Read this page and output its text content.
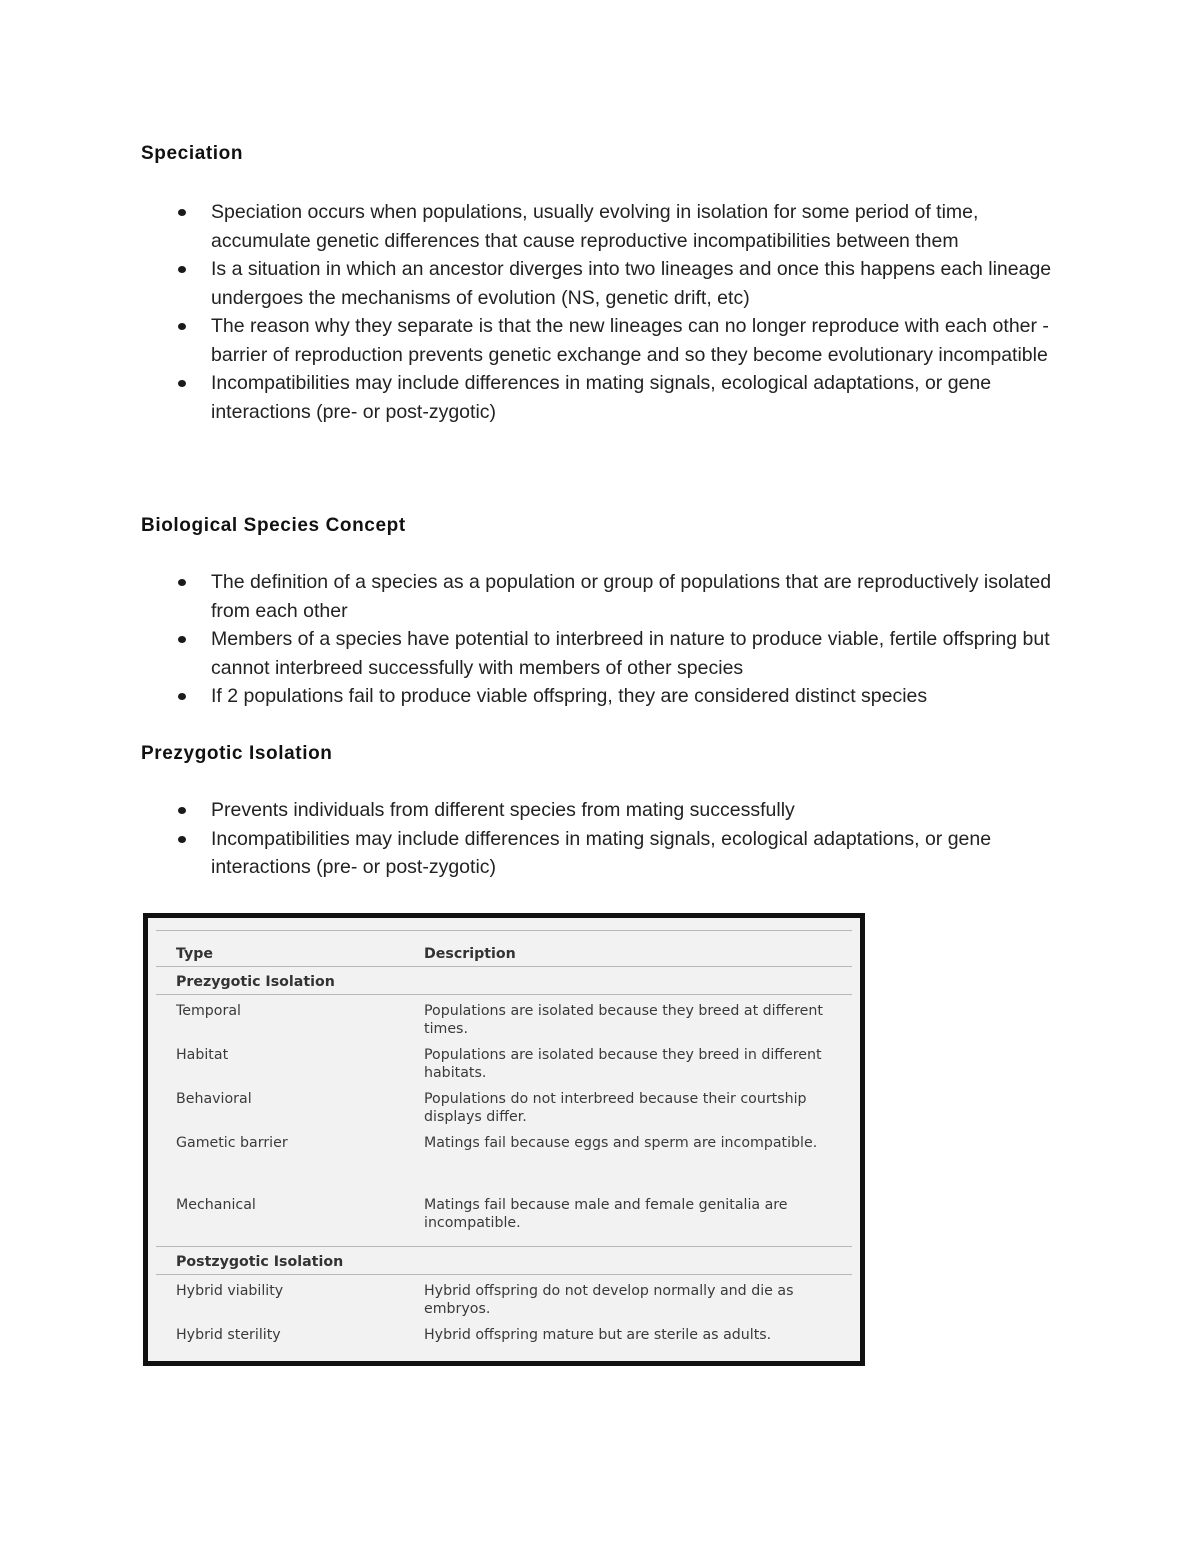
Speciation
Speciation occurs when populations, usually evolving in isolation for some period of time, accumulate genetic differences that cause reproductive incompatibilities between them
Is a situation in which an ancestor diverges into two lineages and once this happens each lineage undergoes the mechanisms of evolution (NS, genetic drift, etc)
The reason why they separate is that the new lineages can no longer reproduce with each other - barrier of reproduction prevents genetic exchange and so they become evolutionary incompatible
Incompatibilities may include differences in mating signals, ecological adaptations, or gene interactions (pre- or post-zygotic)
Biological Species Concept
The definition of a species as a population or group of populations that are reproductively isolated from each other
Members of a species have potential to interbreed in nature to produce viable, fertile offspring but cannot interbreed successfully with members of other species
If 2 populations fail to produce viable offspring, they are considered distinct species
Prezygotic Isolation
Prevents individuals from different species from mating successfully
Incompatibilities may include differences in mating signals, ecological adaptations, or gene interactions (pre- or post-zygotic)
Type	Description
Prezygotic Isolation
Temporal	Populations are isolated because they breed at different times.
Habitat	Populations are isolated because they breed in different habitats.
Behavioral	Populations do not interbreed because their courtship displays differ.
Gametic barrier	Matings fail because eggs and sperm are incompatible.
Mechanical	Matings fail because male and female genitalia are incompatible.
Postzygotic Isolation
Hybrid viability	Hybrid offspring do not develop normally and die as embryos.
Hybrid sterility	Hybrid offspring mature but are sterile as adults.
